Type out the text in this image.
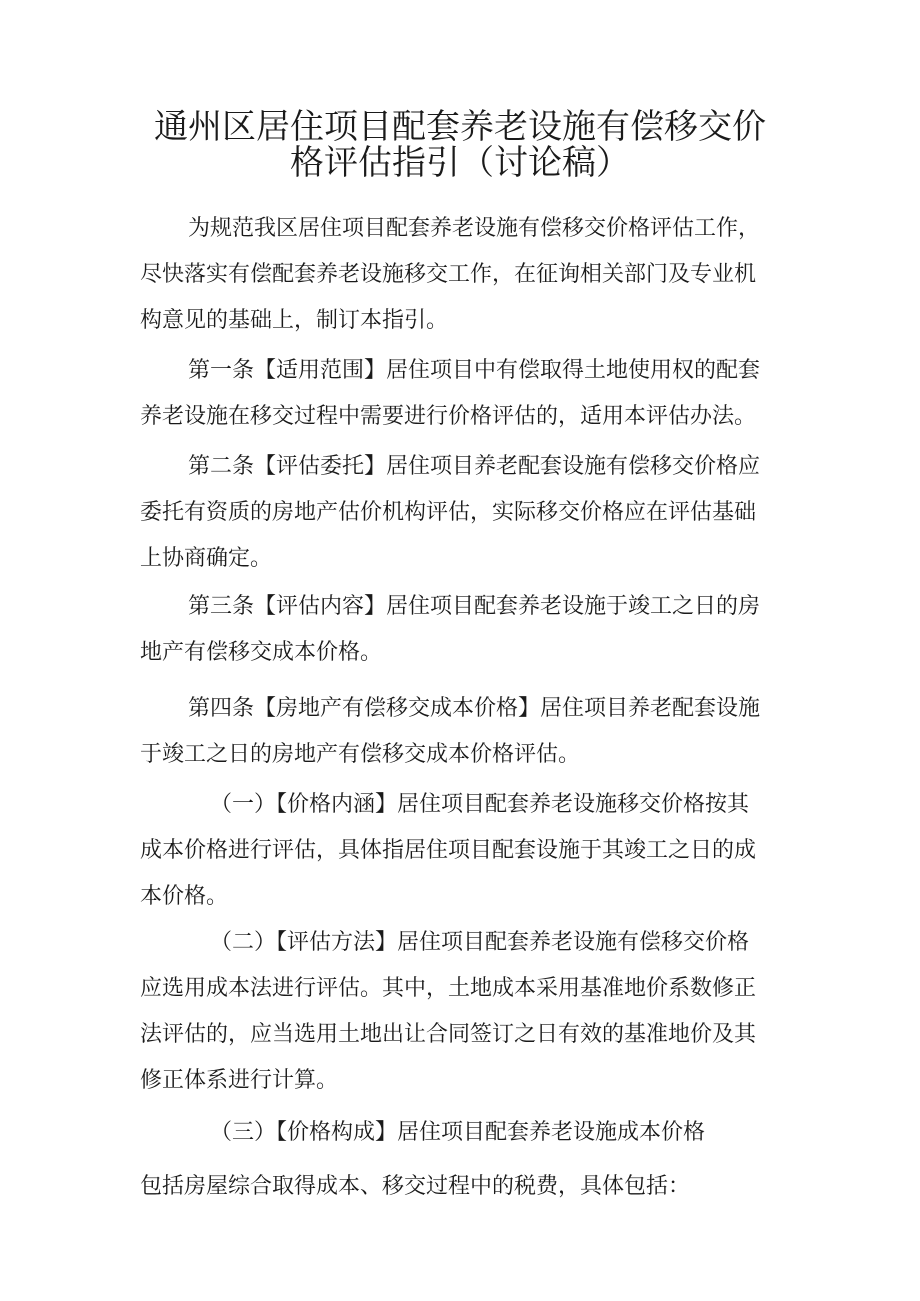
通州区居住项目配套养老设施有偿移交价
格评估指引（讨论稿）
为规范我区居住项目配套养老设施有偿移交价格评估工作，
尽快落实有偿配套养老设施移交工作，在征询相关部门及专业机
构意见的基础上，制订本指引。
第一条【适用范围】居住项目中有偿取得土地使用权的配套
养老设施在移交过程中需要进行价格评估的，适用本评估办法。
第二条【评估委托】居住项目养老配套设施有偿移交价格应
委托有资质的房地产估价机构评估，实际移交价格应在评估基础
上协商确定。
第三条【评估内容】居住项目配套养老设施于竣工之日的房
地产有偿移交成本价格。
第四条【房地产有偿移交成本价格】居住项目养老配套设施
于竣工之日的房地产有偿移交成本价格评估。
（一）【价格内涵】居住项目配套养老设施移交价格按其
成本价格进行评估，具体指居住项目配套设施于其竣工之日的成
本价格。
（二）【评估方法】居住项目配套养老设施有偿移交价格
应选用成本法进行评估。其中，土地成本采用基准地价系数修正
法评估的，应当选用土地出让合同签订之日有效的基准地价及其
修正体系进行计算。
（三）【价格构成】居住项目配套养老设施成本价格
包括房屋综合取得成本、移交过程中的税费，具体包括：
